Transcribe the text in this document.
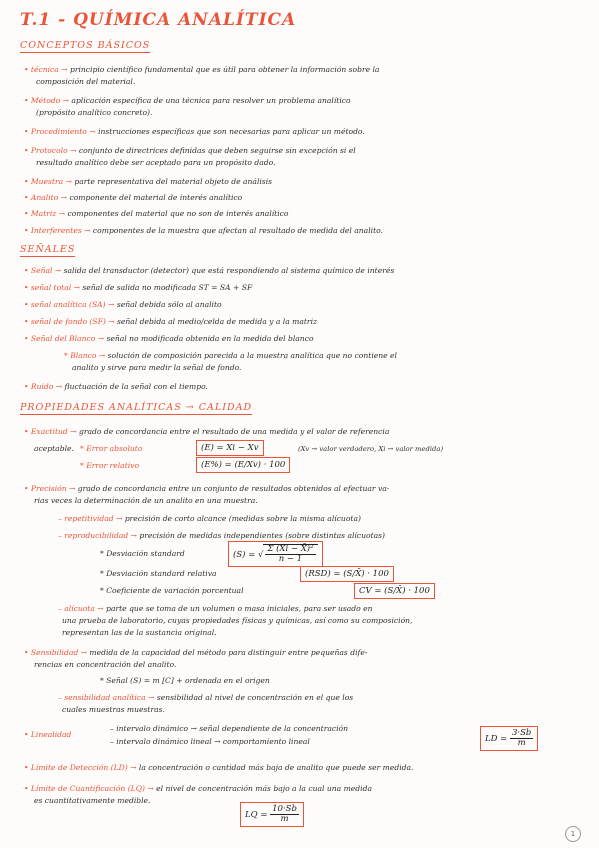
T.1 - QUÍMICA ANALÍTICA
CONCEPTOS BÁSICOS
• técnica → principio científico fundamental que es útil para obtener la información sobre la
composición del material.
• Método → aplicación específica de una técnica para resolver un problema analítico
(propósito analítico concreto).
• Procedimiento → instrucciones específicas que son necesarias para aplicar un método.
• Protocolo → conjunto de directrices definidas que deben seguirse sin excepción si el
resultado analítico debe ser aceptado para un propósito dado.
• Muestra → parte representativa del material objeto de análisis
• Analito → componente del material de interés analítico
• Matriz → componentes del material que no son de interés analítico
• Interferentes → componentes de la muestra que afectan al resultado de medida del analito.
SEÑALES
• Señal → salida del transductor (detector) que está respondiendo al sistema químico de interés
• señal total → señal de salida no modificada ST = SA + SF
• señal analítica (SA) → señal debida sólo al analito
• señal de fondo (SF) → señal debida al medio/celda de medida y a la matriz
• Señal del Blanco → señal no modificada obtenida en la medida del blanco
* Blanco → solución de composición parecida a la muestra analítica que no contiene el
analito y sirve para medir la señal de fondo.
• Ruido → fluctuación de la señal con el tiempo.
PROPIEDADES ANALÍTICAS → CALIDAD
• Exactitud → grado de concordancia entre el resultado de una medida y el valor de referencia
aceptable. * Error absoluto	(E) = Xi − Xv	(Xv → valor verdadero, Xi → valor medida)
* Error relativo	(E%) = (E/Xv) · 100
• Precisión → grado de concordancia entre un conjunto de resultados obtenidos al efectuar va-
rias veces la determinación de un analito en una muestra.
– repetitividad → precisión de corto alcance (medidas sobre la misma alícuota)
– reproducibilidad → precisión de medidas independientes (sobre distintas alícuotas)
* Desviación standard	(S) = √ $\frac{\text{Σ (Xi − X̄)²}}{n - 1}$
* Desviación standard relativa	(RSD) = (S/X̄) · 100
* Coeficiente de variación porcentual	CV = (S/X̄) · 100
– alícuota → parte que se toma de un volumen o masa iniciales, para ser usado en
una prueba de laboratorio, cuyas propiedades físicas y químicas, así como su composición,
representan las de la sustancia original.
• Sensibilidad → medida de la capacidad del método para distinguir entre pequeñas dife-
rencias en concentración del analito.
* Señal (S) = m [C] + ordenada en el origen
– sensibilidad analítica → sensibilidad al nivel de concentración en el que los
cuales muestras muestras.
• Linealidad
– intervalo dinámico → señal dependiente de la concentración
– intervalo dinámico lineal → comportamiento lineal	LD = $\frac{3\cdot Sb}{m}$
• Límite de Detección (LD) → la concentración o cantidad más baja de analito que puede ser medida.
• Límite de Cuantificación (LQ) → el nivel de concentración más bajo a la cual una medida
es cuantitativamente medible.
LQ = $\frac{10\cdot Sb}{m}$
1
